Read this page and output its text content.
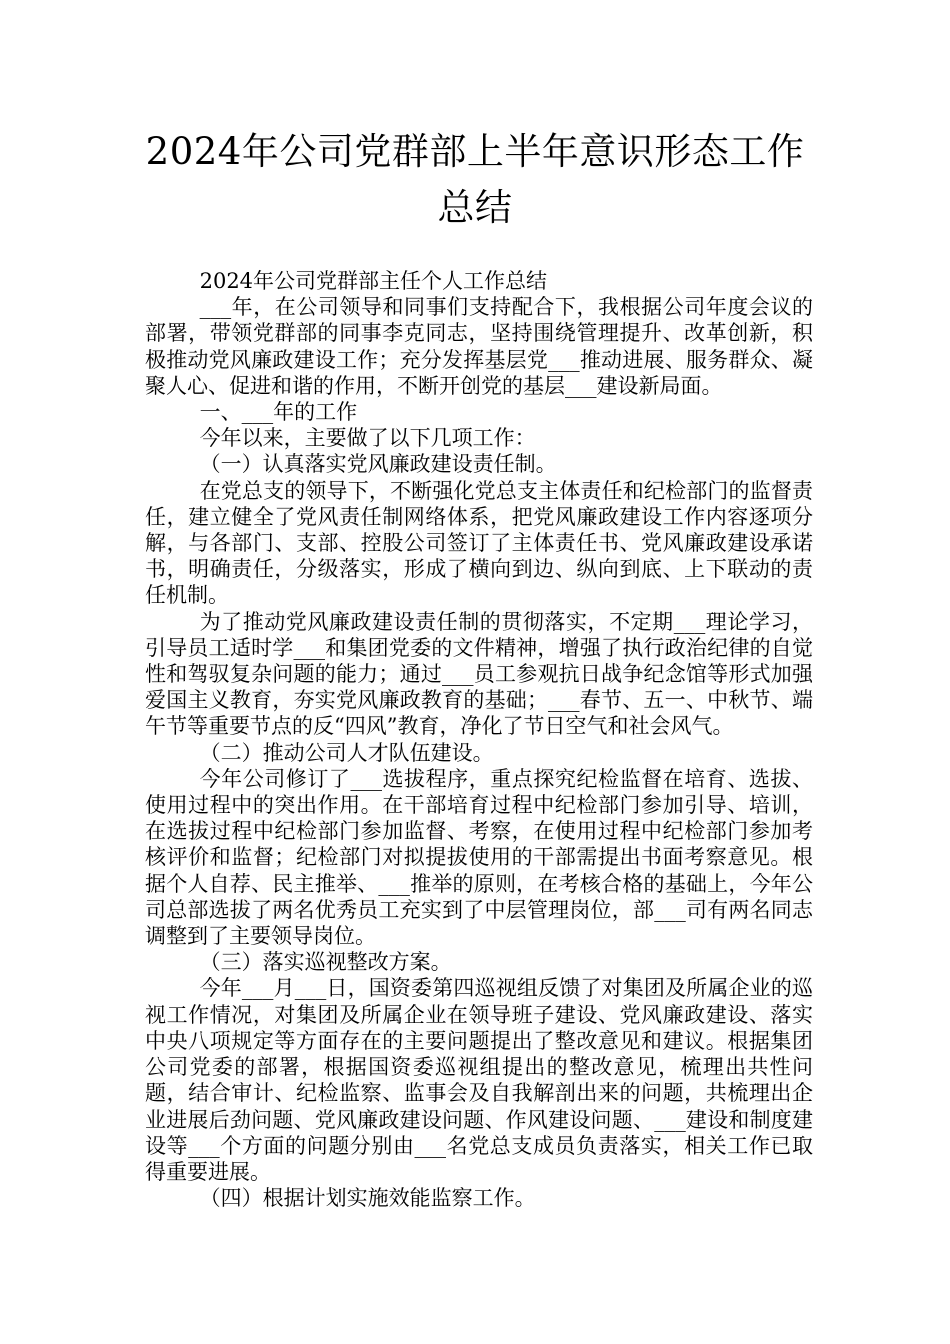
2024年公司党群部上半年意识形态工作总结

2024年公司党群部主任个人工作总结

___年，在公司领导和同事们支持配合下，我根据公司年度会议的部署，带领党群部的同事李克同志，坚持围绕管理提升、改革创新，积极推动党风廉政建设工作；充分发挥基层党___推动进展、服务群众、凝聚人心、促进和谐的作用，不断开创党的基层___建设新局面。

一、___年的工作

今年以来，主要做了以下几项工作：

（一）认真落实党风廉政建设责任制。

在党总支的领导下，不断强化党总支主体责任和纪检部门的监督责任，建立健全了党风责任制网络体系，把党风廉政建设工作内容逐项分解，与各部门、支部、控股公司签订了主体责任书、党风廉政建设承诺书，明确责任，分级落实，形成了横向到边、纵向到底、上下联动的责任机制。

为了推动党风廉政建设责任制的贯彻落实，不定期___理论学习，引导员工适时学___和集团党委的文件精神，增强了执行政治纪律的自觉性和驾驭复杂问题的能力；通过___员工参观抗日战争纪念馆等形式加强爱国主义教育，夯实党风廉政教育的基础；___春节、五一、中秋节、端午节等重要节点的反“四风”教育，净化了节日空气和社会风气。

（二）推动公司人才队伍建设。

今年公司修订了___选拔程序，重点探究纪检监督在培育、选拔、使用过程中的突出作用。在干部培育过程中纪检部门参加引导、培训，在选拔过程中纪检部门参加监督、考察，在使用过程中纪检部门参加考核评价和监督；纪检部门对拟提拔使用的干部需提出书面考察意见。根据个人自荐、民主推举、___推举的原则，在考核合格的基础上，今年公司总部选拔了两名优秀员工充实到了中层管理岗位，部___司有两名同志调整到了主要领导岗位。

（三）落实巡视整改方案。

今年___月___日，国资委第四巡视组反馈了对集团及所属企业的巡视工作情况，对集团及所属企业在领导班子建设、党风廉政建设、落实中央八项规定等方面存在的主要问题提出了整改意见和建议。根据集团公司党委的部署，根据国资委巡视组提出的整改意见，梳理出共性问题，结合审计、纪检监察、监事会及自我解剖出来的问题，共梳理出企业进展后劲问题、党风廉政建设问题、作风建设问题、___建设和制度建设等___个方面的问题分别由___名党总支成员负责落实，相关工作已取得重要进展。

（四）根据计划实施效能监察工作。
